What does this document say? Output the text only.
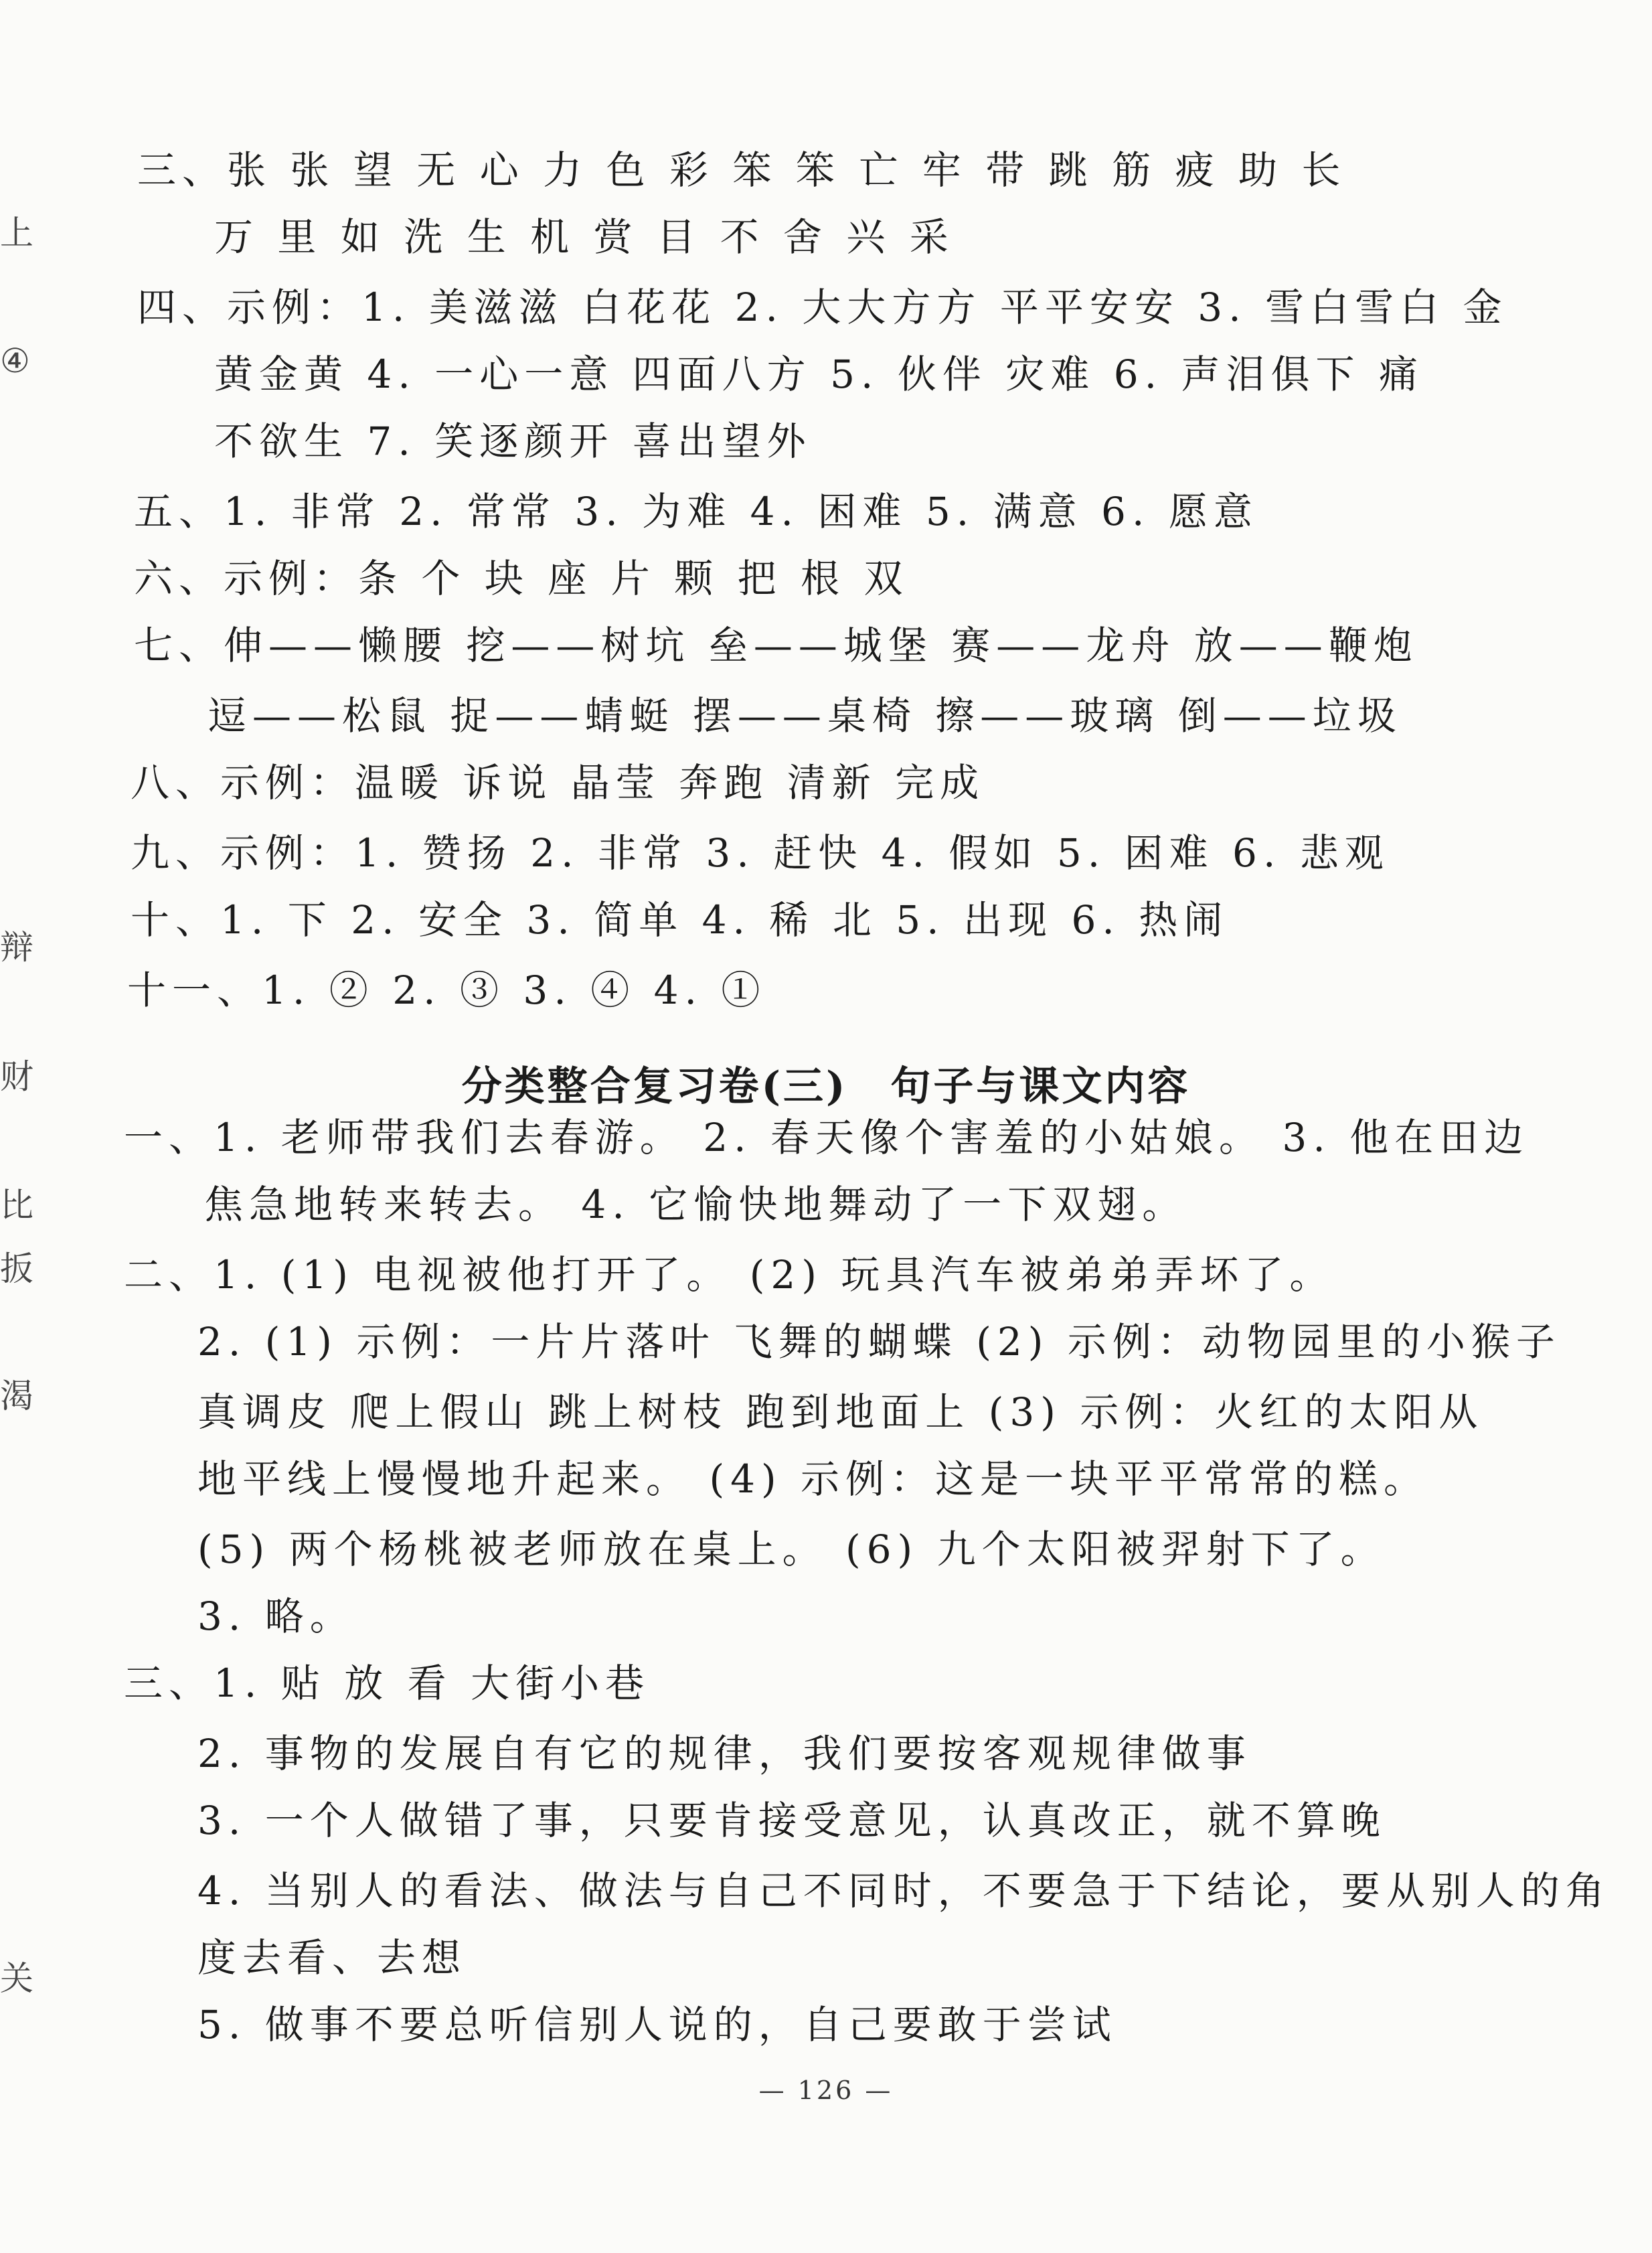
上
④
辩
财
比
扳
渴
关
三、张 张 望 无 心 力 色 彩 笨 笨 亡 牢 带 跳 筋 疲 助 长
万 里 如 洗 生 机 赏 目 不 舍 兴 采
四、示例：1. 美滋滋 白花花 2. 大大方方 平平安安 3. 雪白雪白 金
黄金黄 4. 一心一意 四面八方 5. 伙伴 灾难 6. 声泪俱下 痛
不欲生 7. 笑逐颜开 喜出望外
五、1. 非常 2. 常常 3. 为难 4. 困难 5. 满意 6. 愿意
六、示例：条 个 块 座 片 颗 把 根 双
七、伸——懒腰 挖——树坑 垒——城堡 赛——龙舟 放——鞭炮
逗——松鼠 捉——蜻蜓 摆——桌椅 擦——玻璃 倒——垃圾
八、示例：温暖 诉说 晶莹 奔跑 清新 完成
九、示例：1. 赞扬 2. 非常 3. 赶快 4. 假如 5. 困难 6. 悲观
十、1. 下 2. 安全 3. 简单 4. 稀 北 5. 出现 6. 热闹
十一、1. ② 2. ③ 3. ④ 4. ①
分类整合复习卷(三)　句子与课文内容
一、1. 老师带我们去春游。 2. 春天像个害羞的小姑娘。 3. 他在田边
焦急地转来转去。 4. 它愉快地舞动了一下双翅。
二、1. (1) 电视被他打开了。 (2) 玩具汽车被弟弟弄坏了。
2. (1) 示例：一片片落叶 飞舞的蝴蝶 (2) 示例：动物园里的小猴子
真调皮 爬上假山 跳上树枝 跑到地面上 (3) 示例：火红的太阳从
地平线上慢慢地升起来。 (4) 示例：这是一块平平常常的糕。
(5) 两个杨桃被老师放在桌上。 (6) 九个太阳被羿射下了。
3. 略。
三、1. 贴 放 看 大街小巷
2. 事物的发展自有它的规律，我们要按客观规律做事
3. 一个人做错了事，只要肯接受意见，认真改正，就不算晚
4. 当别人的看法、做法与自己不同时，不要急于下结论，要从别人的角
度去看、去想
5. 做事不要总听信别人说的，自己要敢于尝试
— 126 —
